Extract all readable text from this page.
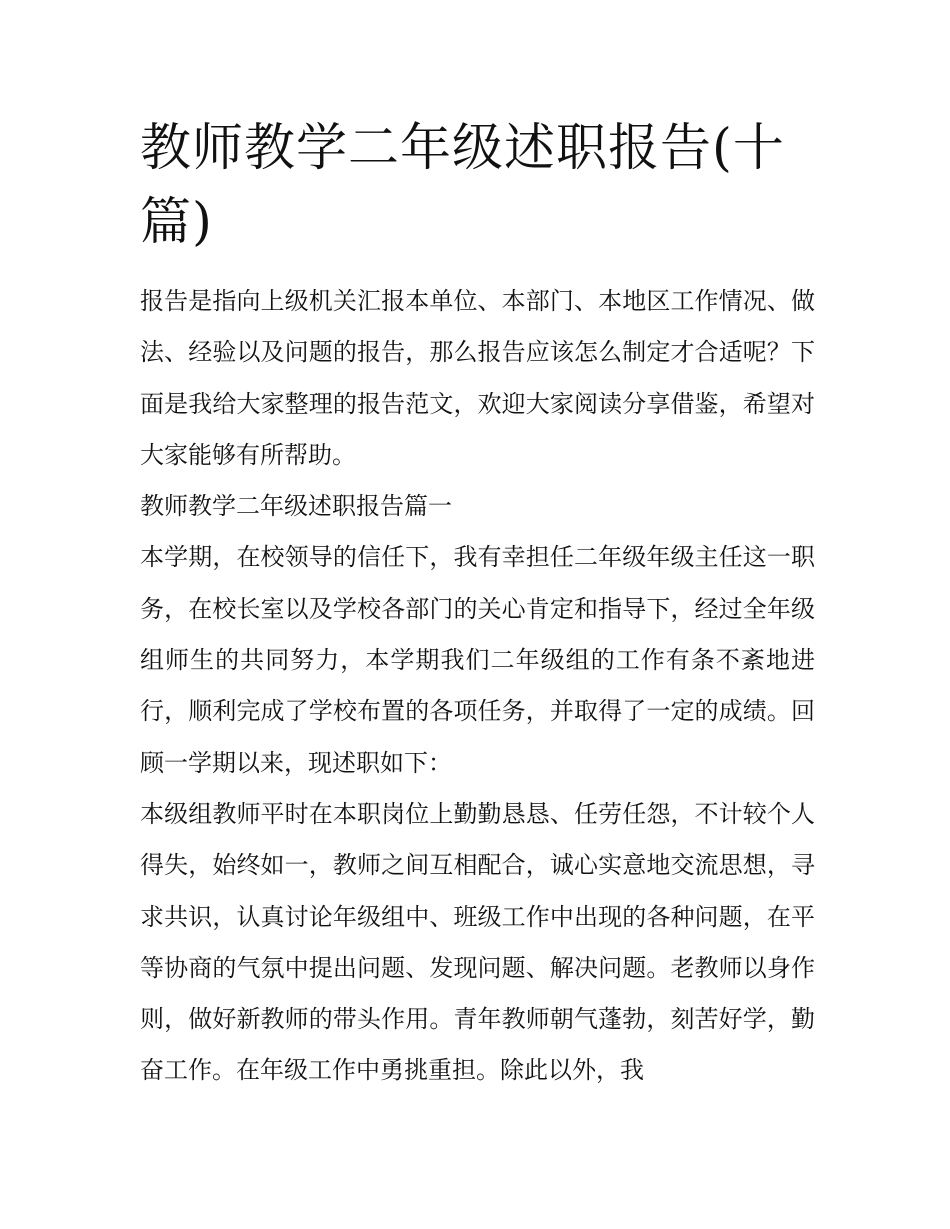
教师教学二年级述职报告(十篇)

报告是指向上级机关汇报本单位、本部门、本地区工作情况、做法、经验以及问题的报告，那么报告应该怎么制定才合适呢？下面是我给大家整理的报告范文，欢迎大家阅读分享借鉴，希望对大家能够有所帮助。

教师教学二年级述职报告篇一

本学期，在校领导的信任下，我有幸担任二年级年级主任这一职务，在校长室以及学校各部门的关心肯定和指导下，经过全年级组师生的共同努力，本学期我们二年级组的工作有条不紊地进行，顺利完成了学校布置的各项任务，并取得了一定的成绩。回顾一学期以来，现述职如下：

本级组教师平时在本职岗位上勤勤恳恳、任劳任怨，不计较个人得失，始终如一，教师之间互相配合，诚心实意地交流思想，寻求共识，认真讨论年级组中、班级工作中出现的各种问题，在平等协商的气氛中提出问题、发现问题、解决问题。老教师以身作则，做好新教师的带头作用。青年教师朝气蓬勃，刻苦好学，勤奋工作。在年级工作中勇挑重担。除此以外，我
